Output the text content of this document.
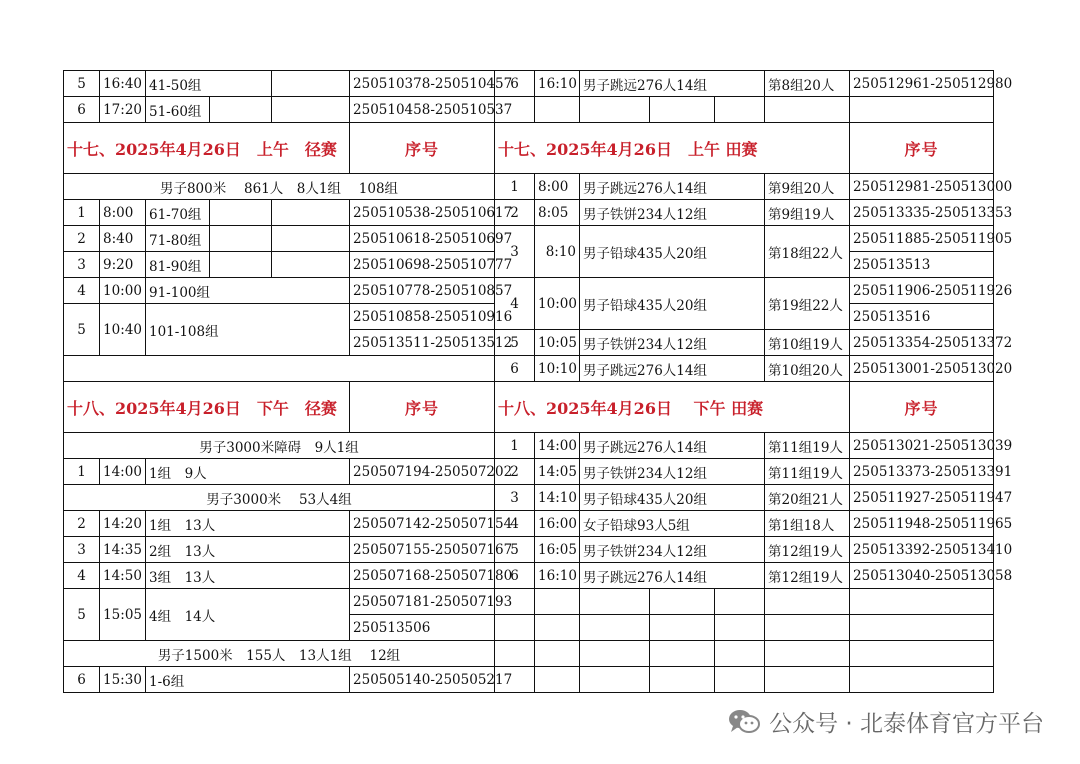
5	16:40	41-50组			250510378-250510457	6	16:10	男子跳远276人14组			第8组20人	250512961-250512980
6	17:20	51-60组			250510458-250510537							
十七、2025年4月26日　上午　径赛					序号	十七、2025年4月26日　上午 田赛						序号
男子800米　 861人　8人1组　 108组						1	8:00	男子跳远276人14组			第9组20人	250512981-250513000
1	8:00	61-70组			250510538-250510617	2	8:05	男子铁饼234人12组			第9组19人	250513335-250513353
2	8:40	71-80组			250510618-250510697	3	8:10	男子铅球435人20组			第18组22人	250511885-250511905
3	9:20	81-90组			250510698-250510777							250513513
4	10:00	91-100组			250510778-250510857	4	10:00	男子铅球435人20组			第19组22人	250511906-250511926
5	10:40	101-108组			250510858-250510916							250513516
					250513511-250513512	5	10:05	男子铁饼234人12组			第10组19人	250513354-250513372
						6	10:10	男子跳远276人14组			第10组20人	250513001-250513020
十八、2025年4月26日　下午　径赛					序号	十八、2025年4月26日　 下午 田赛						序号
男子3000米障碍　9人1组						1	14:00	男子跳远276人14组			第11组19人	250513021-250513039
1	14:00	1组　9人			250507194-250507202	2	14:05	男子铁饼234人12组			第11组19人	250513373-250513391
男子3000米　 53人4组						3	14:10	男子铅球435人20组			第20组21人	250511927-250511947
2	14:20	1组　13人			250507142-250507154	4	16:00	女子铅球93人5组			第1组18人	250511948-250511965
3	14:35	2组　13人			250507155-250507167	5	16:05	男子铁饼234人12组			第12组19人	250513392-250513410
4	14:50	3组　13人			250507168-250507180	6	16:10	男子跳远276人14组			第12组19人	250513040-250513058
5	15:05	4组　14人			250507181-250507193							
					250513506							
男子1500米　155人　13人1组　 12组												
6	15:30	1-6组			250505140-250505217							
公众号 · 北泰体育官方平台
